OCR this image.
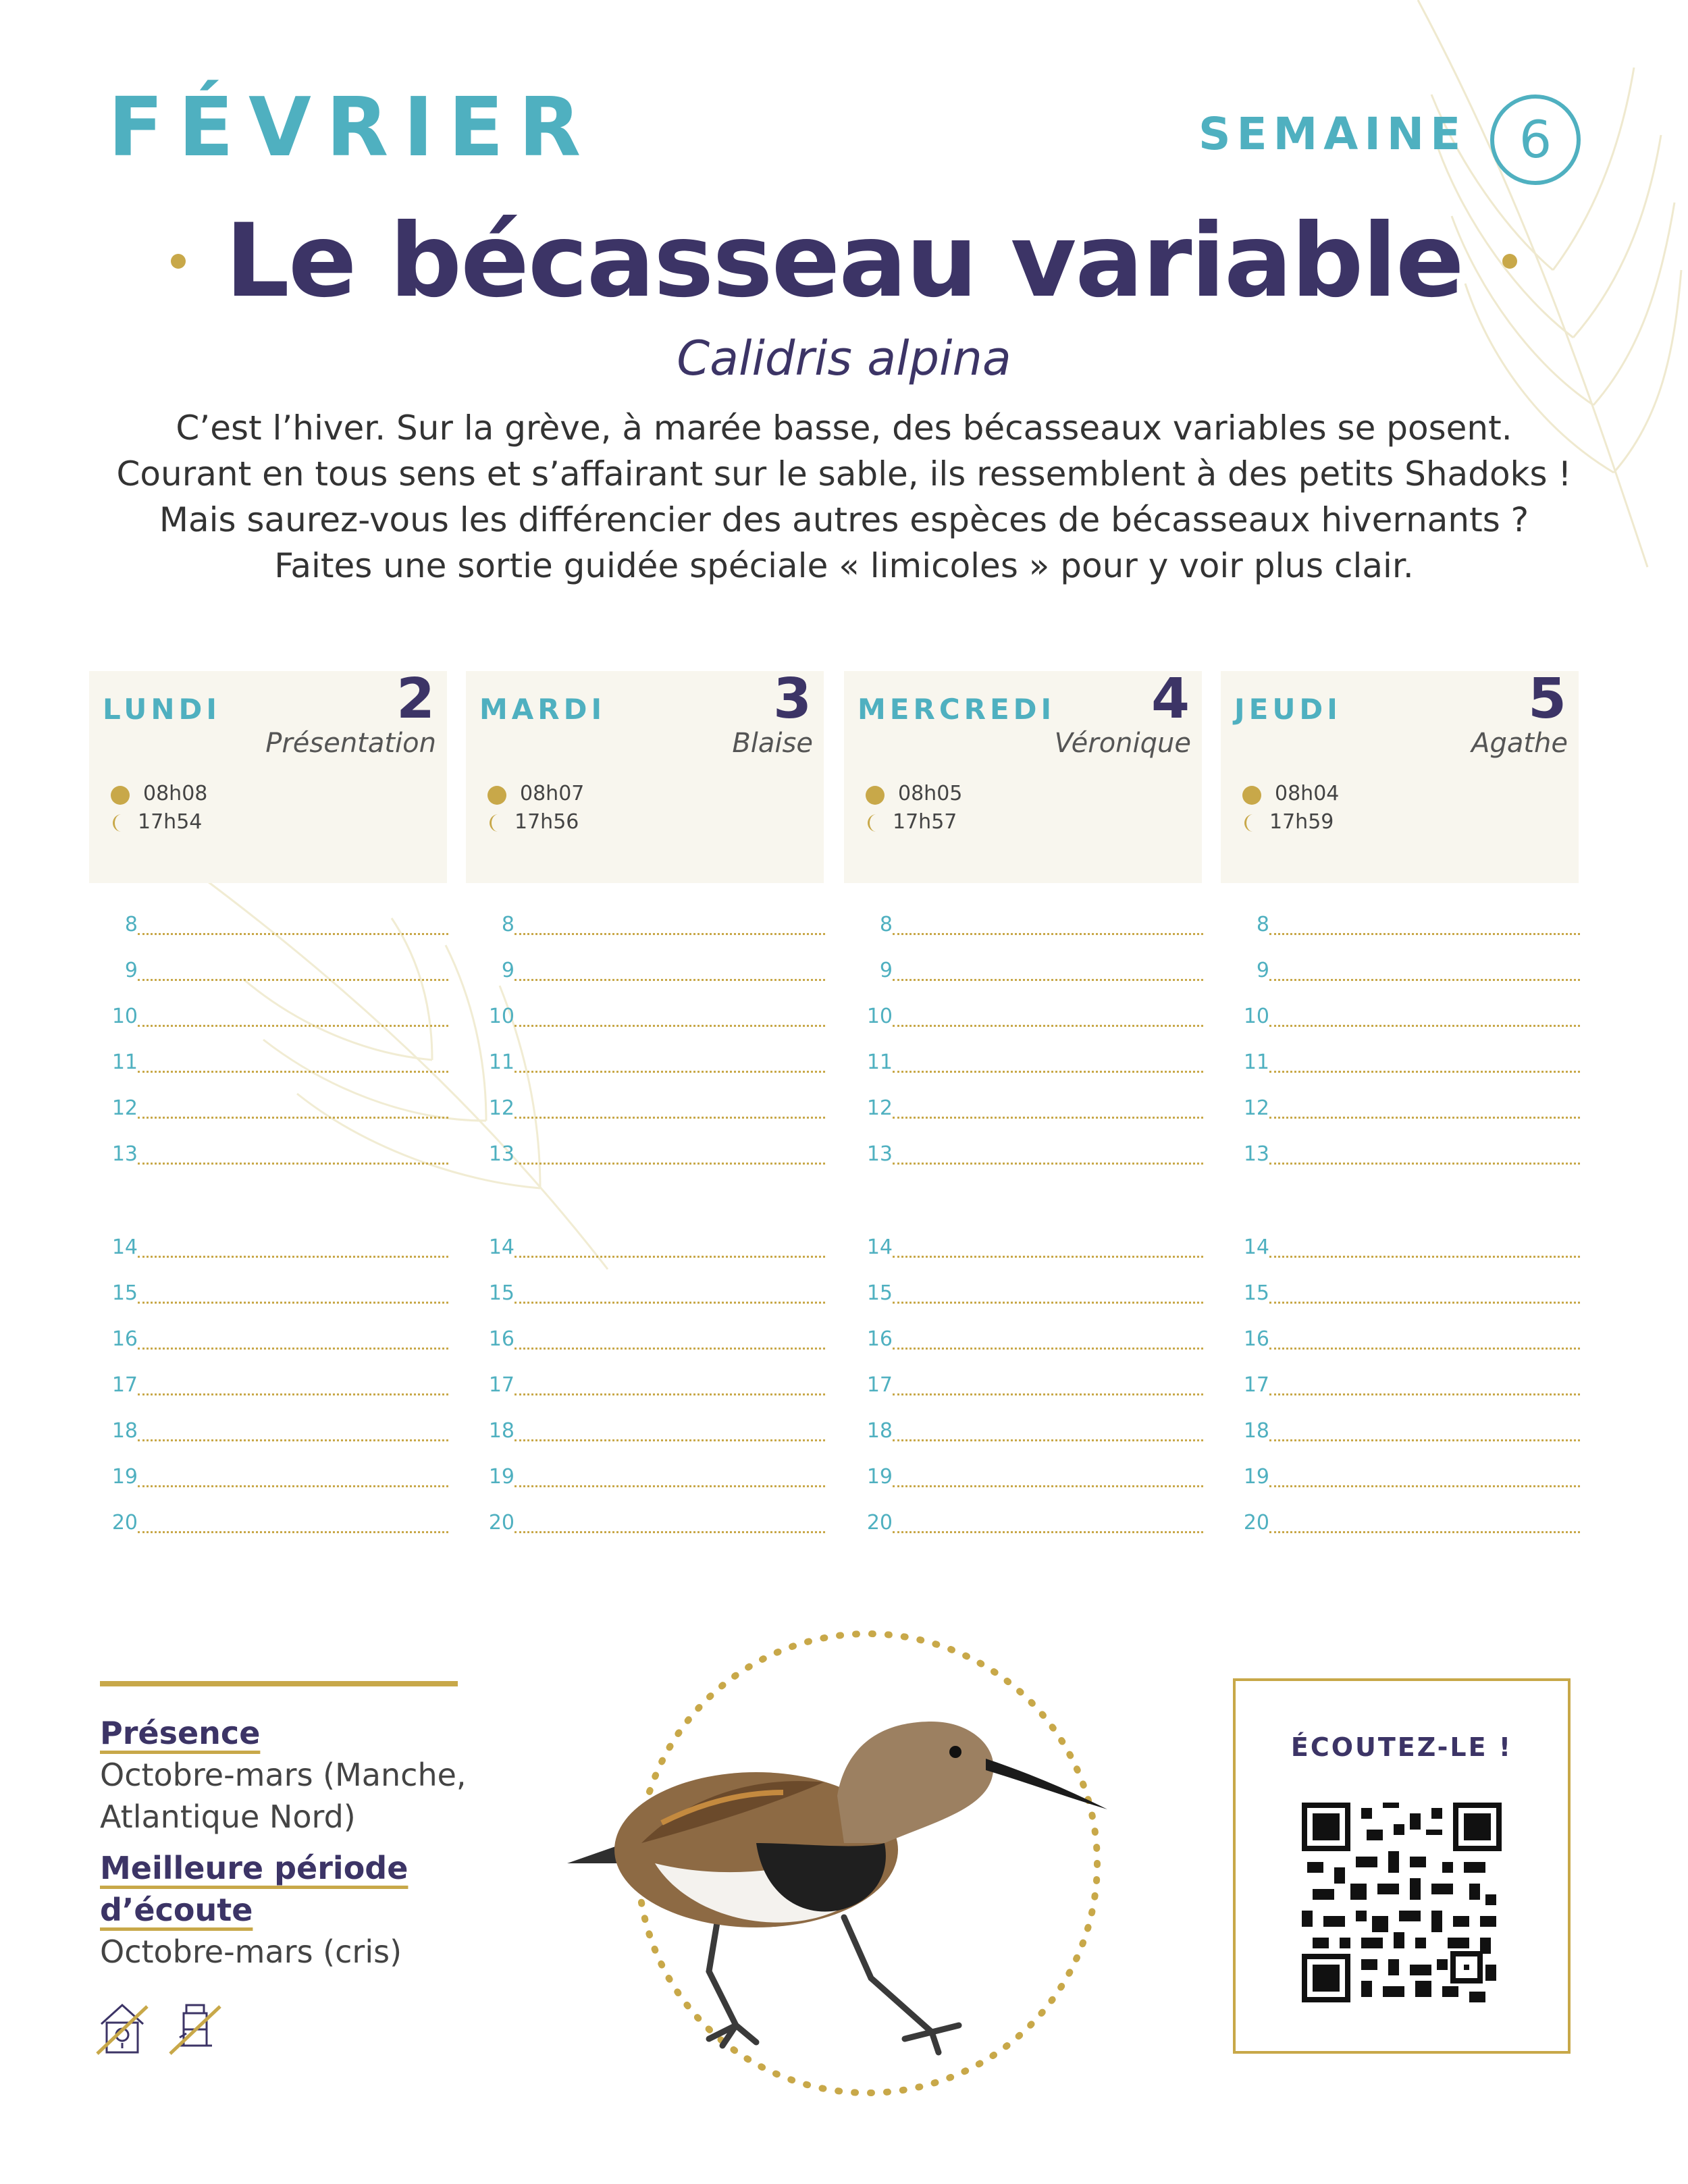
FÉVRIER	SEMAINE	6
Le bécasseau variable
Calidris alpina
C’est l’hiver. Sur la grève, à marée basse, des bécasseaux variables se posent.
Courant en tous sens et s’affairant sur le sable, ils ressemblent à des petits Shadoks !
Mais saurez-vous les différencier des autres espèces de bécasseaux hivernants ?
Faites une sortie guidée spéciale « limicoles » pour y voir plus clair.
LUNDI	2
Présentation
08h08
17h54
MARDI	3
Blaise
08h07
17h56
MERCREDI 4
Véronique
08h05
17h57
JEUDI	5
Agathe
08h04
17h59
8
9
10
11
12
13
14
15
16
17
18
19
20
8
9
10
11
12
13
14
15
16
17
18
19
20
8
9
10
11
12
13
14
15
16
17
18
19
20
8
9
10
11
12
13
14
15
16
17
18
19
20
Présence
Octobre-mars (Manche,
Atlantique Nord)
Meilleure période
d’écoute
Octobre-mars (cris)
ÉCOUTEZ-LE !
